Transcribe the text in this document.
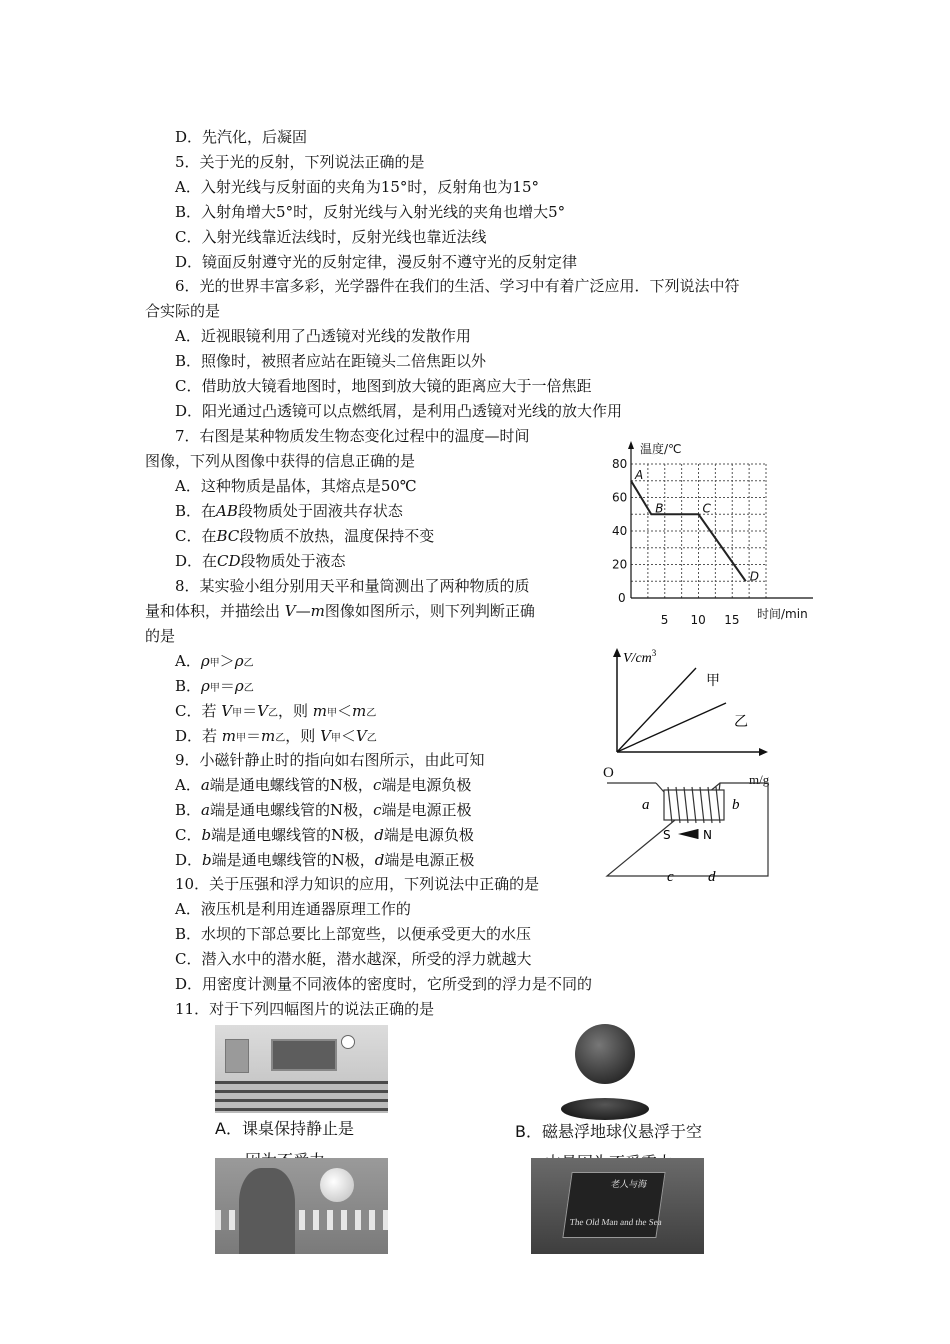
D．先汽化，后凝固
5．关于光的反射，下列说法正确的是
A．入射光线与反射面的夹角为15°时，反射角也为15°
B．入射角增大5°时，反射光线与入射光线的夹角也增大5°
C．入射光线靠近法线时，反射光线也靠近法线
D．镜面反射遵守光的反射定律，漫反射不遵守光的反射定律
6．光的世界丰富多彩，光学器件在我们的生活、学习中有着广泛应用．下列说法中符
合实际的是
A．近视眼镜利用了凸透镜对光线的发散作用
B．照像时，被照者应站在距镜头二倍焦距以外
C．借助放大镜看地图时，地图到放大镜的距离应大于一倍焦距
D．阳光通过凸透镜可以点燃纸屑，是利用凸透镜对光线的放大作用
7．右图是某种物质发生物态变化过程中的温度—时间
图像，下列从图像中获得的信息正确的是
A．这种物质是晶体，其熔点是50℃
B．在AB段物质处于固液共存状态
C．在BC段物质不放热，温度保持不变
D．在CD段物质处于液态
8．某实验小组分别用天平和量筒测出了两种物质的质
量和体积，并描绘出 V—m图像如图所示，则下列判断正确
的是
A．ρ甲＞ρ乙
B．ρ甲＝ρ乙
C．若 V甲＝V乙，则 m甲＜m乙
D．若 m甲＝m乙，则 V甲＜V乙
9．小磁针静止时的指向如右图所示，由此可知
A．a端是通电螺线管的N极，c端是电源负极
B．a端是通电螺线管的N极，c端是电源正极
C．b端是通电螺线管的N极，d端是电源负极
D．b端是通电螺线管的N极，d端是电源正极
10．关于压强和浮力知识的应用，下列说法中正确的是
A．液压机是利用连通器原理工作的
B．水坝的下部总要比上部宽些，以便承受更大的水压
C．潜入水中的潜水艇，潜水越深，所受的浮力就越大
D．用密度计测量不同液体的密度时，它所受到的浮力是不同的
11．对于下列四幅图片的说法正确的是
0
20
40
60
80
5 10 15
A
B	C
D
温度/℃
时间/min
$V/cm^3$
甲
乙
O	m/g
S	N
a	b
c d
A．课桌保持静止是	B．磁悬浮地球仪悬浮于空
老人与海
The Old Man and the Sea
